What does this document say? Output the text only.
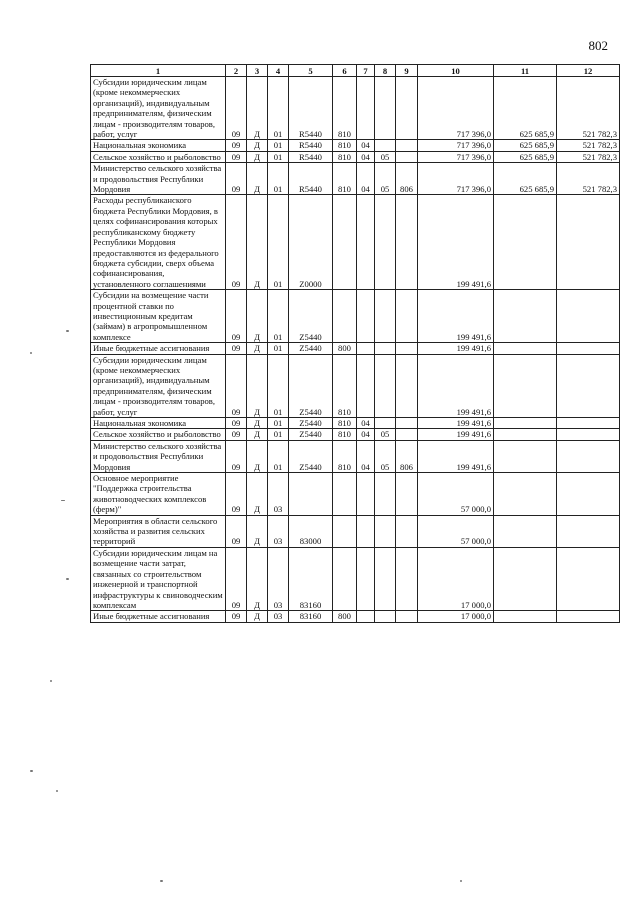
802
1	2	3	4	5	6	7	8	9	10	11	12
Субсидии юридическим лицам (кроме некоммерческих организаций), индивидуальным предпринимателям, физическим лицам - производителям товаров, работ, услуг	09	Д	01	R5440	810				717 396,0	625 685,9	521 782,3
Национальная экономика	09	Д	01	R5440	810	04			717 396,0	625 685,9	521 782,3
Сельское хозяйство и рыболовство	09	Д	01	R5440	810	04	05		717 396,0	625 685,9	521 782,3
Министерство сельского хозяйства и продовольствия Республики Мордовия	09	Д	01	R5440	810	04	05	806	717 396,0	625 685,9	521 782,3
Расходы республиканского бюджета Республики Мордовия, в целях софинансирования которых республиканскому бюджету Республики Мордовия предоставляются из федерального бюджета субсидии, сверх объема софинансирования, установленного соглашениями	09	Д	01	Z0000					199 491,6		
Субсидии на возмещение части процентной ставки по инвестиционным кредитам (займам) в агропромышленном комплексе	09	Д	01	Z5440					199 491,6		
Иные бюджетные ассигнования	09	Д	01	Z5440	800				199 491,6		
Субсидии юридическим лицам (кроме некоммерческих организаций), индивидуальным предпринимателям, физическим лицам - производителям товаров, работ, услуг	09	Д	01	Z5440	810				199 491,6		
Национальная экономика	09	Д	01	Z5440	810	04			199 491,6		
Сельское хозяйство и рыболовство	09	Д	01	Z5440	810	04	05		199 491,6		
Министерство сельского хозяйства и продовольствия Республики Мордовия	09	Д	01	Z5440	810	04	05	806	199 491,6		
Основное мероприятие "Поддержка строительства животноводческих комплексов (ферм)"	09	Д	03						57 000,0		
Мероприятия в области сельского хозяйства и развития сельских территорий	09	Д	03	83000					57 000,0		
Субсидии юридическим лицам на возмещение части затрат, связанных со строительством инженерной и транспортной инфраструктуры к свиноводческим комплексам	09	Д	03	83160					17 000,0		
Иные бюджетные ассигнования	09	Д	03	83160	800				17 000,0		
